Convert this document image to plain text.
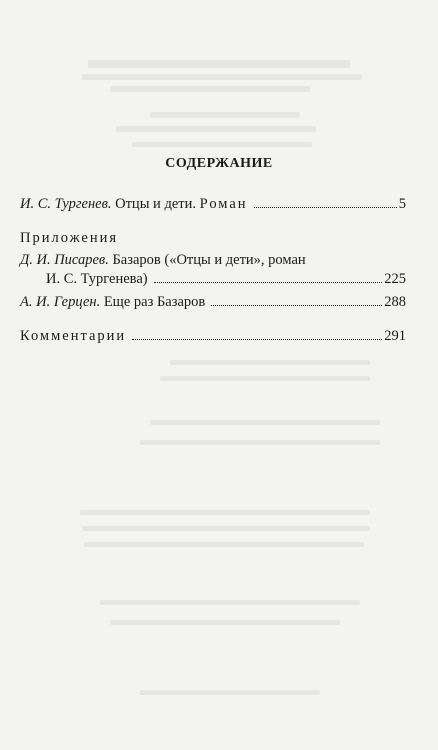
СОДЕРЖАНИЕ
И. С. Тургенев.
Отцы и дети.
Роман	5
Приложения
Д. И. Писарев.
Базаров («Отцы и дети», роман
И. С. Тургенева)	225
А. И. Герцен.
Еще раз Базаров	288
Комментарии	291
